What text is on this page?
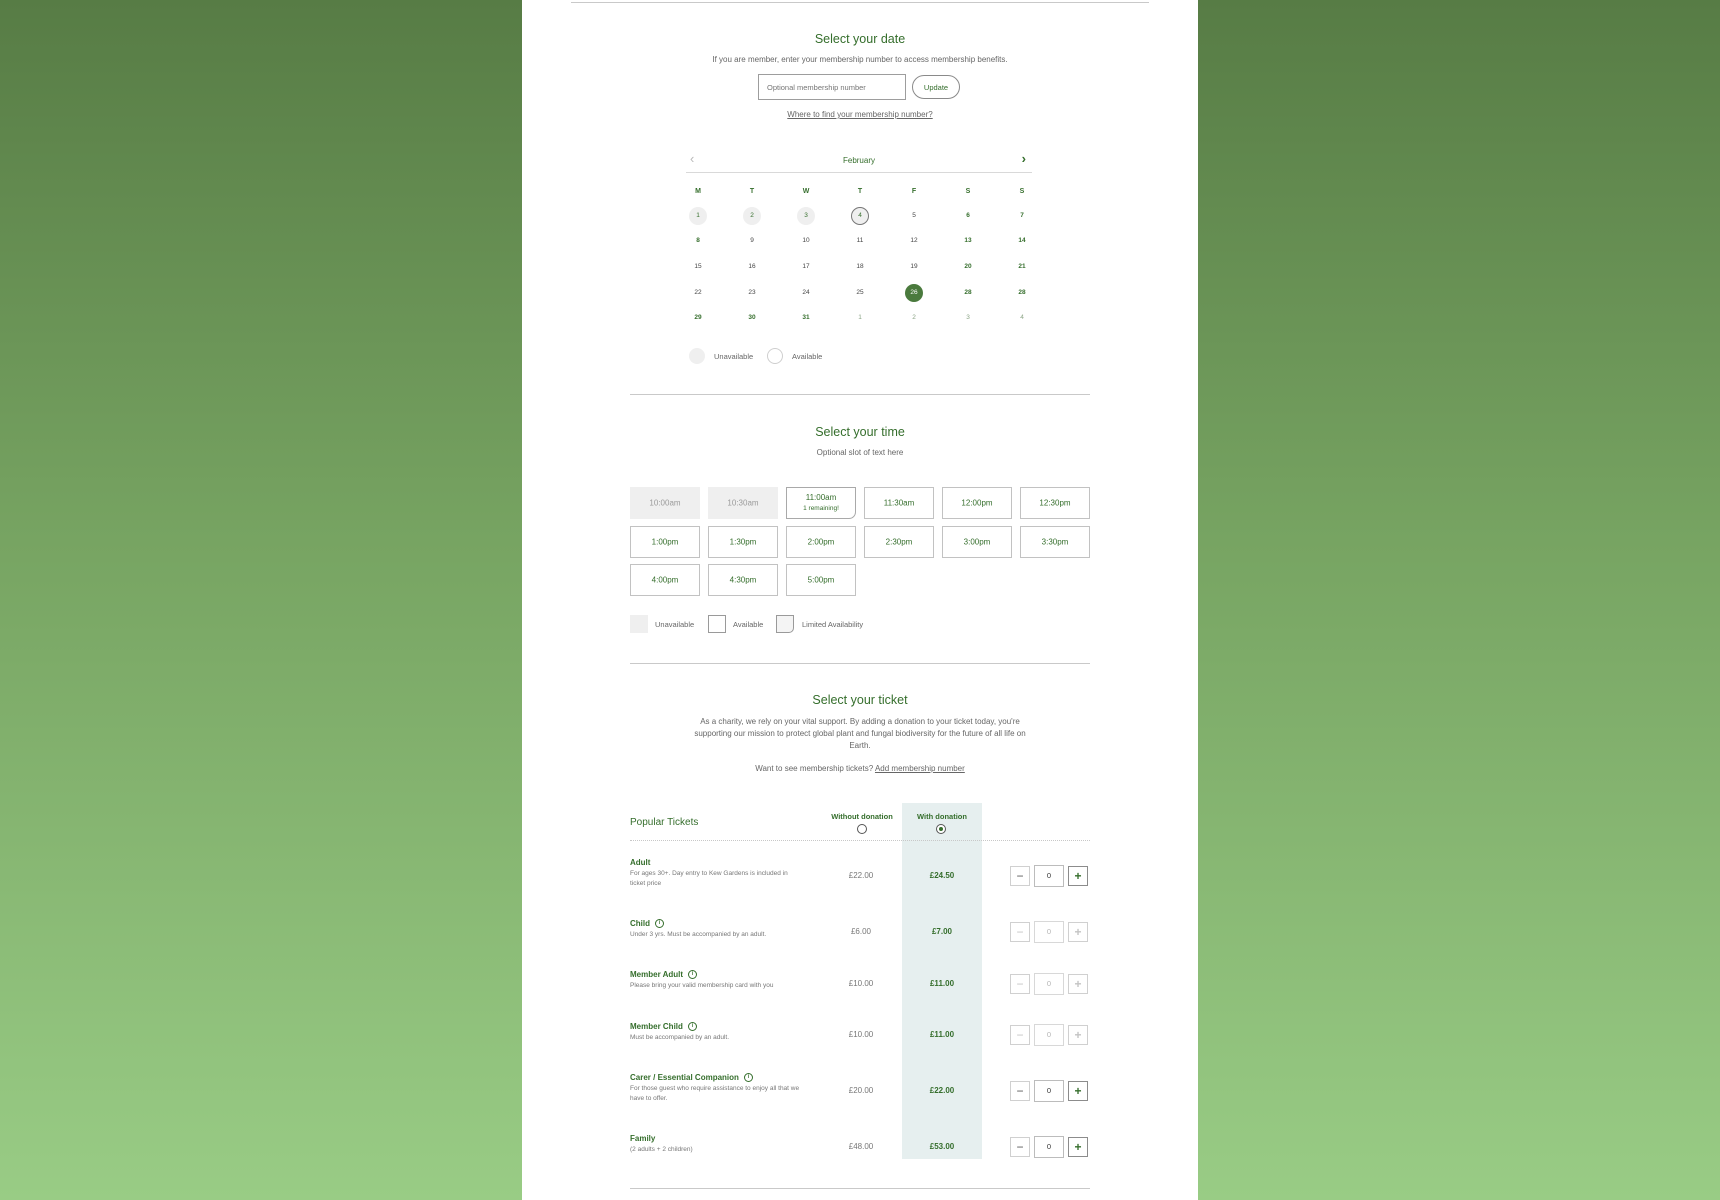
Select your date
If you are member, enter your membership number to access membership benefits.
Optional membership number
Update
Where to find your membership number?
‹	February	›
M	T	W	T	F	S	S
1	2	3	4	5	6	7
8	9	10	11	12	13	14
15	16	17	18	19	20	21
22	23	24	25	26	28	28
29	30	31	1	2	3	4
Unavailable	Available
Select your time
Optional slot of text here
10:00am	10:30am
11:00am
1 remaining!
11:30am	12:00pm	12:30pm
1:00pm	1:30pm	2:00pm	2:30pm	3:00pm	3:30pm
4:00pm	4:30pm	5:00pm
Unavailable	Available	Limited Availability
Select your ticket
As a charity, we rely on your vital support. By adding a donation to your ticket today, you're supporting our mission to protect global plant and fungal biodiversity for the future of all life on Earth.
Want to see membership tickets? Add membership number
Popular Tickets
Without donation	With donation
Adult
For ages 30+. Day entry to Kew Gardens is included in ticket price
£22.00	£24.50	−	0	+
Child i
Under 3 yrs. Must be accompanied by an adult.	£6.00	£7.00	−	0	+
Member Adult i
Please bring your valid membership card with you	£10.00	£11.00	−	0	+
Member Child i
Must be accompanied by an adult.	£10.00	£11.00	−	0	+
Carer / Essential Companion i
For those guest who require assistance to enjoy all that we have to offer.
£20.00	£22.00	−	0	+
Family
(2 adults + 2 children)	£48.00	£53.00	−	0	+
